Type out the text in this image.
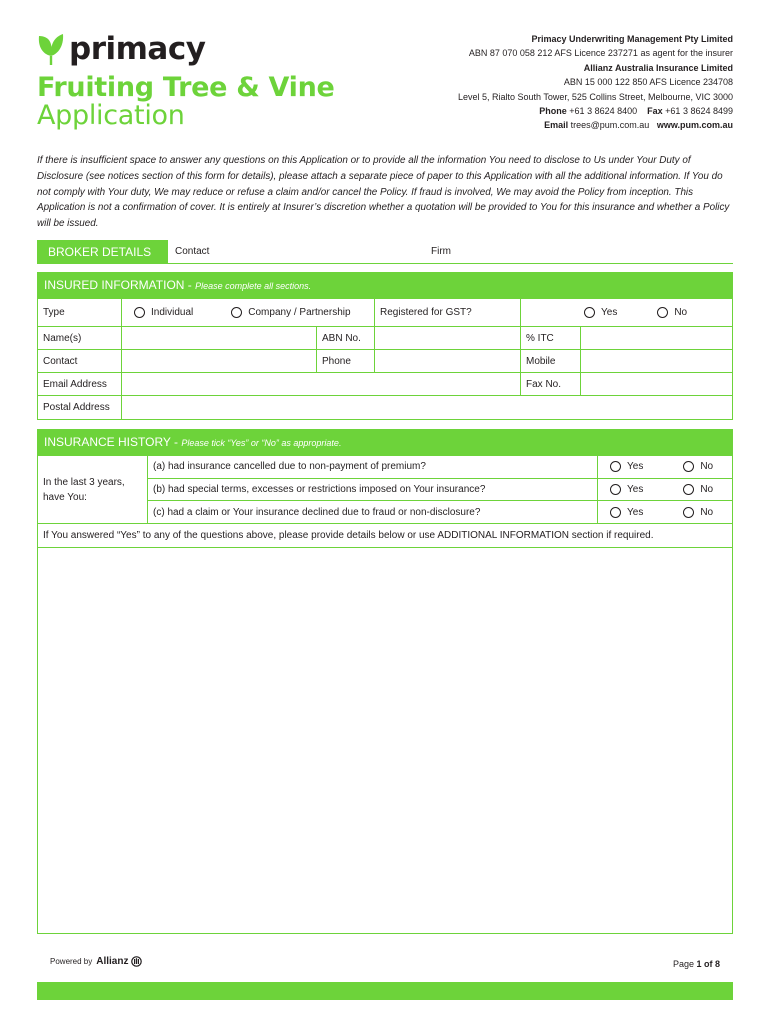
primacy
Fruiting Tree & Vine
Application
Primacy Underwriting Management Pty Limited
ABN 87 070 058 212 AFS Licence 237271 as agent for the insurer
Allianz Australia Insurance Limited
ABN 15 000 122 850 AFS Licence 234708
Level 5, Rialto South Tower, 525 Collins Street, Melbourne, VIC 3000
Phone +61 3 8624 8400 Fax +61 3 8624 8499
Email trees@pum.com.au www.pum.com.au

If there is insufficient space to answer any questions on this Application or to provide all the information You need to disclose to Us under Your Duty of Disclosure (see notices section of this form for details), please attach a separate piece of paper to this Application with all the additional information. If You do not comply with Your duty, We may reduce or refuse a claim and/or cancel the Policy. If fraud is involved, We may avoid the Policy from inception. This Application is not a confirmation of cover. It is entirely at Insurer’s discretion whether a quotation will be provided to You for this insurance and whether a Policy will be issued.

BROKER DETAILS	Contact	Firm
INSURED INFORMATION - Please complete all sections.
Type	Individual	Company / Partnership	Registered for GST?	Yes	No
Name(s)	ABN No.	% ITC
Contact	Phone	Mobile
Email Address	Fax No.
Postal Address
INSURANCE HISTORY - Please tick “Yes” or “No” as appropriate.
In the last 3 years, have You:
(a) had insurance cancelled due to non-payment of premium?	Yes	No
(b) had special terms, excesses or restrictions imposed on Your insurance?	Yes	No
(c) had a claim or Your insurance declined due to fraud or non-disclosure?	Yes	No
If You answered “Yes” to any of the questions above, please provide details below or use ADDITIONAL INFORMATION section if required.
Powered by Allianz	Page 1 of 8
